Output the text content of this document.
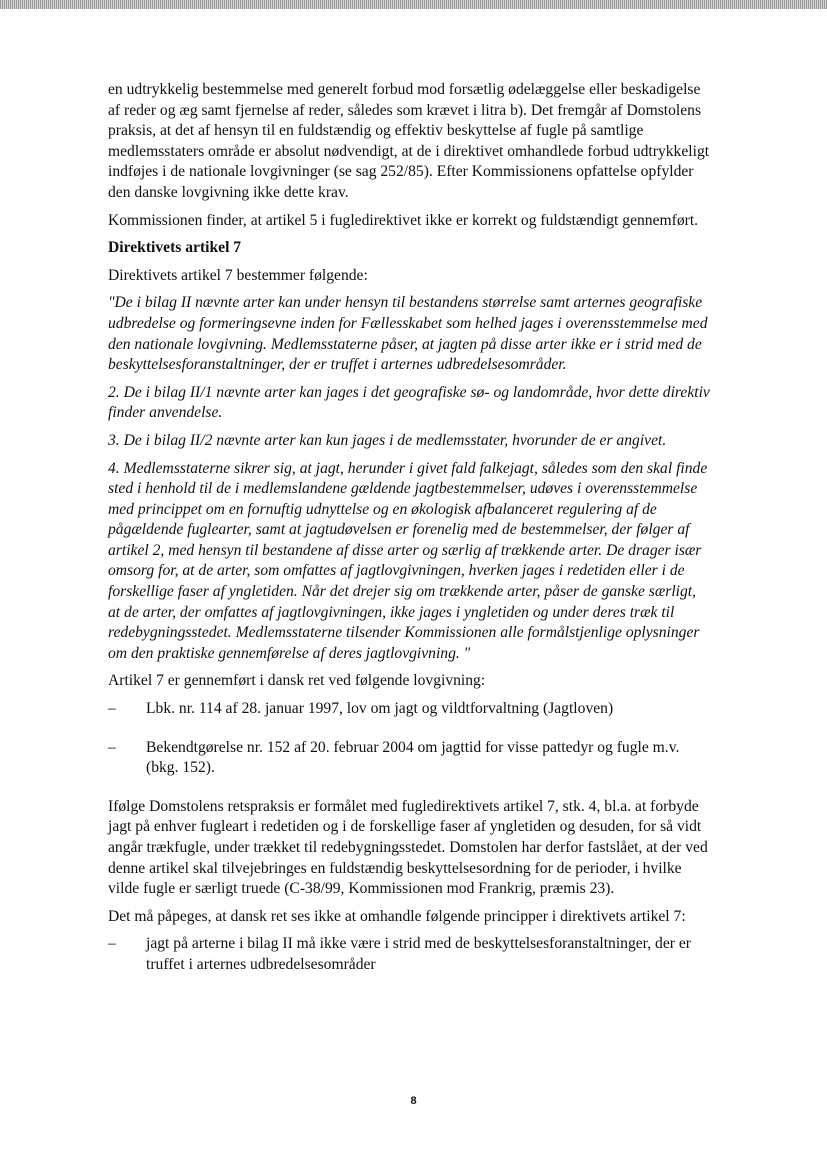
en udtrykkelig bestemmelse med generelt forbud mod forsætlig ødelæggelse eller beskadigelse af reder og æg samt fjernelse af reder, således som krævet i litra b). Det fremgår af Domstolens praksis, at det af hensyn til en fuldstændig og effektiv beskyttelse af fugle på samtlige medlemsstaters område er absolut nødvendigt, at de i direktivet omhandlede forbud udtrykkeligt indføjes i de nationale lovgivninger (se sag 252/85). Efter Kommissionens opfattelse opfylder den danske lovgivning ikke dette krav.

Kommissionen finder, at artikel 5 i fugledirektivet ikke er korrekt og fuldstændigt gennemført.

Direktivets artikel 7

Direktivets artikel 7 bestemmer følgende:

"De i bilag II nævnte arter kan under hensyn til bestandens størrelse samt arternes geografiske udbredelse og formeringsevne inden for Fællesskabet som helhed jages i overensstemmelse med den nationale lovgivning. Medlemsstaterne påser, at jagten på disse arter ikke er i strid med de beskyttelsesforanstaltninger, der er truffet i arternes udbredelsesområder.

2. De i bilag II/1 nævnte arter kan jages i det geografiske sø- og landområde, hvor dette direktiv finder anvendelse.

3. De i bilag II/2 nævnte arter kan kun jages i de medlemsstater, hvorunder de er angivet.

4. Medlemsstaterne sikrer sig, at jagt, herunder i givet fald falkejagt, således som den skal finde sted i henhold til de i medlemslandene gældende jagtbestemmelser, udøves i overensstemmelse med princippet om en fornuftig udnyttelse og en økologisk afbalanceret regulering af de pågældende fuglearter, samt at jagtudøvelsen er forenelig med de bestemmelser, der følger af artikel 2, med hensyn til bestandene af disse arter og særlig af trækkende arter. De drager især omsorg for, at de arter, som omfattes af jagtlovgivningen, hverken jages i redetiden eller i de forskellige faser af yngletiden. Når det drejer sig om trækkende arter, påser de ganske særligt, at de arter, der omfattes af jagtlovgivningen, ikke jages i yngletiden og under deres træk til redebygningsstedet. Medlemsstaterne tilsender Kommissionen alle formålstjenlige oplysninger om den praktiske gennemførelse af deres jagtlovgivning. "

Artikel 7 er gennemført i dansk ret ved følgende lovgivning:

– Lbk. nr. 114 af 28. januar 1997, lov om jagt og vildtforvaltning (Jagtloven)
– Bekendtgørelse nr. 152 af 20. februar 2004 om jagttid for visse pattedyr og fugle m.v. (bkg. 152).

Ifølge Domstolens retspraksis er formålet med fugledirektivets artikel 7, stk. 4, bl.a. at forbyde jagt på enhver fugleart i redetiden og i de forskellige faser af yngletiden og desuden, for så vidt angår trækfugle, under trækket til redebygningsstedet. Domstolen har derfor fastslået, at der ved denne artikel skal tilvejebringes en fuldstændig beskyttelsesordning for de perioder, i hvilke vilde fugle er særligt truede (C-38/99, Kommissionen mod Frankrig, præmis 23).

Det må påpeges, at dansk ret ses ikke at omhandle følgende principper i direktivets artikel 7:

– jagt på arterne i bilag II må ikke være i strid med de beskyttelsesforanstaltninger, der er truffet i arternes udbredelsesområder
8
